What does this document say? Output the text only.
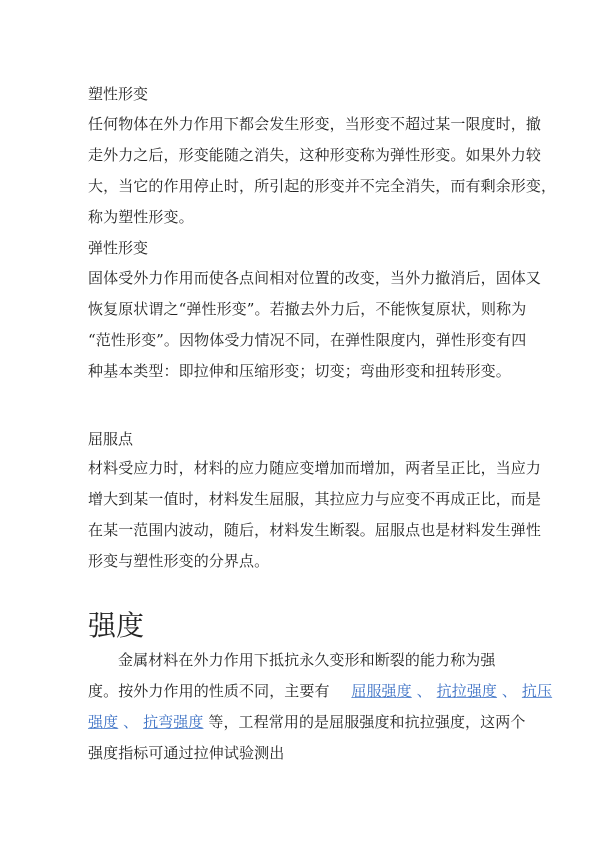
塑性形变
任何物体在外力作用下都会发生形变，当形变不超过某一限度时，撤
走外力之后，形变能随之消失，这种形变称为弹性形变。如果外力较
大，当它的作用停止时，所引起的形变并不完全消失，而有剩余形变，
称为塑性形变。
弹性形变
固体受外力作用而使各点间相对位置的改变，当外力撤消后，固体又
恢复原状谓之“弹性形变”。若撤去外力后，不能恢复原状，则称为
“范性形变”。因物体受力情况不同，在弹性限度内，弹性形变有四
种基本类型：即拉伸和压缩形变；切变；弯曲形变和扭转形变。
屈服点
材料受应力时，材料的应力随应变增加而增加，两者呈正比，当应力
增大到某一值时，材料发生屈服，其拉应力与应变不再成正比，而是
在某一范围内波动，随后，材料发生断裂。屈服点也是材料发生弹性
形变与塑性形变的分界点。
强度
金属材料在外力作用下抵抗永久变形和断裂的能力称为强
度。按外力作用的性质不同，主要有 屈服强度 、 抗拉强度 、 抗压
强度 、 抗弯强度 等，工程常用的是屈服强度和抗拉强度，这两个
强度指标可通过拉伸试验测出
